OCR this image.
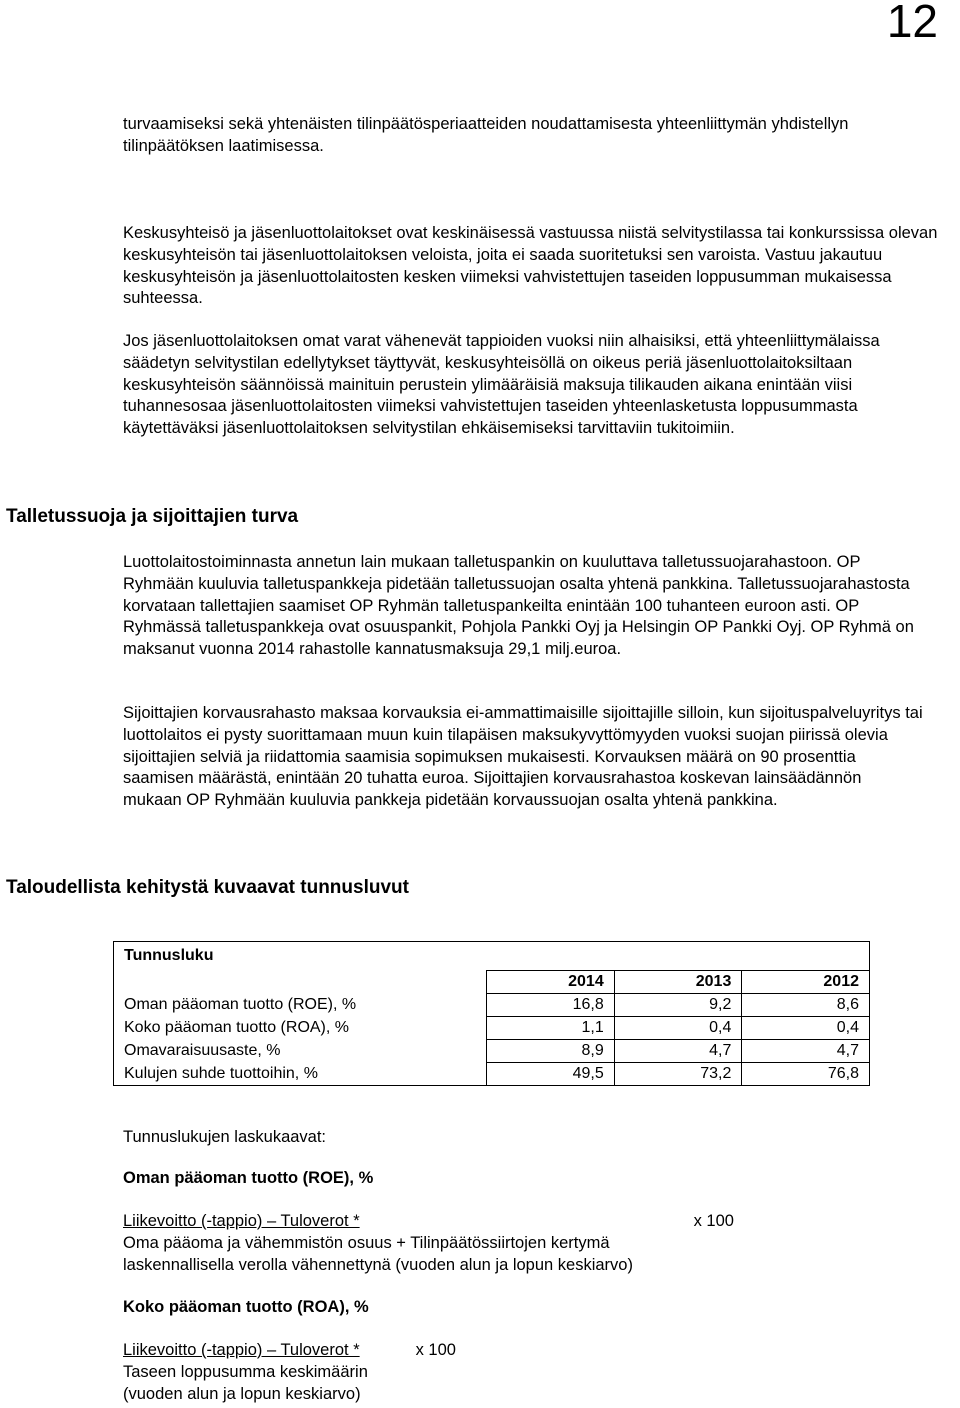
12

turvaamiseksi sekä yhtenäisten tilinpäätösperiaatteiden noudattamisesta yhteenliittymän yhdistellyn tilinpäätöksen laatimisessa.

Keskusyhteisö ja jäsenluottolaitokset ovat keskinäisessä vastuussa niistä selvitystilassa tai konkurssissa olevan keskusyhteisön tai jäsenluottolaitoksen veloista, joita ei saada suoritetuksi sen varoista. Vastuu jakautuu keskusyhteisön ja jäsenluottolaitosten kesken viimeksi vahvistettujen taseiden loppusumman mukaisessa suhteessa.

Jos jäsenluottolaitoksen omat varat vähenevät tappioiden vuoksi niin alhaisiksi, että yhteenliittymälaissa säädetyn selvitystilan edellytykset täyttyvät, keskusyhteisöllä on oikeus periä jäsenluottolaitoksiltaan keskusyhteisön säännöissä mainituin perustein ylimääräisiä maksuja tilikauden aikana enintään viisi tuhannesosaa jäsenluottolaitosten viimeksi vahvistettujen taseiden yhteenlasketusta loppusummasta käytettäväksi jäsenluottolaitoksen selvitystilan ehkäisemiseksi tarvittaviin tukitoimiin.

Talletussuoja ja sijoittajien turva

Luottolaitostoiminnasta annetun lain mukaan talletuspankin on kuuluttava talletussuojarahastoon. OP Ryhmään kuuluvia talletuspankkeja pidetään talletussuojan osalta yhtenä pankkina. Talletussuojarahastosta korvataan tallettajien saamiset OP Ryhmän talletuspankeilta enintään 100 tuhanteen euroon asti. OP Ryhmässä talletuspankkeja ovat osuuspankit, Pohjola Pankki Oyj ja Helsingin OP Pankki Oyj. OP Ryhmä on maksanut vuonna 2014 rahastolle kannatusmaksuja 29,1 milj.euroa.

Sijoittajien korvausrahasto maksaa korvauksia ei-ammattimaisille sijoittajille silloin, kun sijoituspalveluyritys tai luottolaitos ei pysty suorittamaan muun kuin tilapäisen maksukyvyttömyyden vuoksi suojan piirissä olevia sijoittajien selviä ja riidattomia saamisia sopimuksen mukaisesti. Korvauksen määrä on 90 prosenttia saamisen määrästä, enintään 20 tuhatta euroa. Sijoittajien korvausrahastoa koskevan lainsäädännön mukaan OP Ryhmään kuuluvia pankkeja pidetään korvaussuojan osalta yhtenä pankkina.

Taloudellista kehitystä kuvaavat tunnusluvut
Tunnusluku			
	2014	2013	2012
Oman pääoman tuotto (ROE), %	16,8	9,2	8,6
Koko pääoman tuotto (ROA), %	1,1	0,4	0,4
Omavaraisuusaste, %	8,9	4,7	4,7
Kulujen suhde tuottoihin, %	49,5	73,2	76,8
Tunnuslukujen laskukaavat:
Oman pääoman tuotto (ROE), %
Liikevoitto (-tappio) – Tuloverot *	x 100
Oma pääoma ja vähemmistön osuus + Tilinpäätössiirtojen kertymä
laskennallisella verolla vähennettynä (vuoden alun ja lopun keskiarvo)
Koko pääoman tuotto (ROA), %
Liikevoitto (-tappio) – Tuloverot *	x 100
Taseen loppusumma keskimäärin
(vuoden alun ja lopun keskiarvo)
